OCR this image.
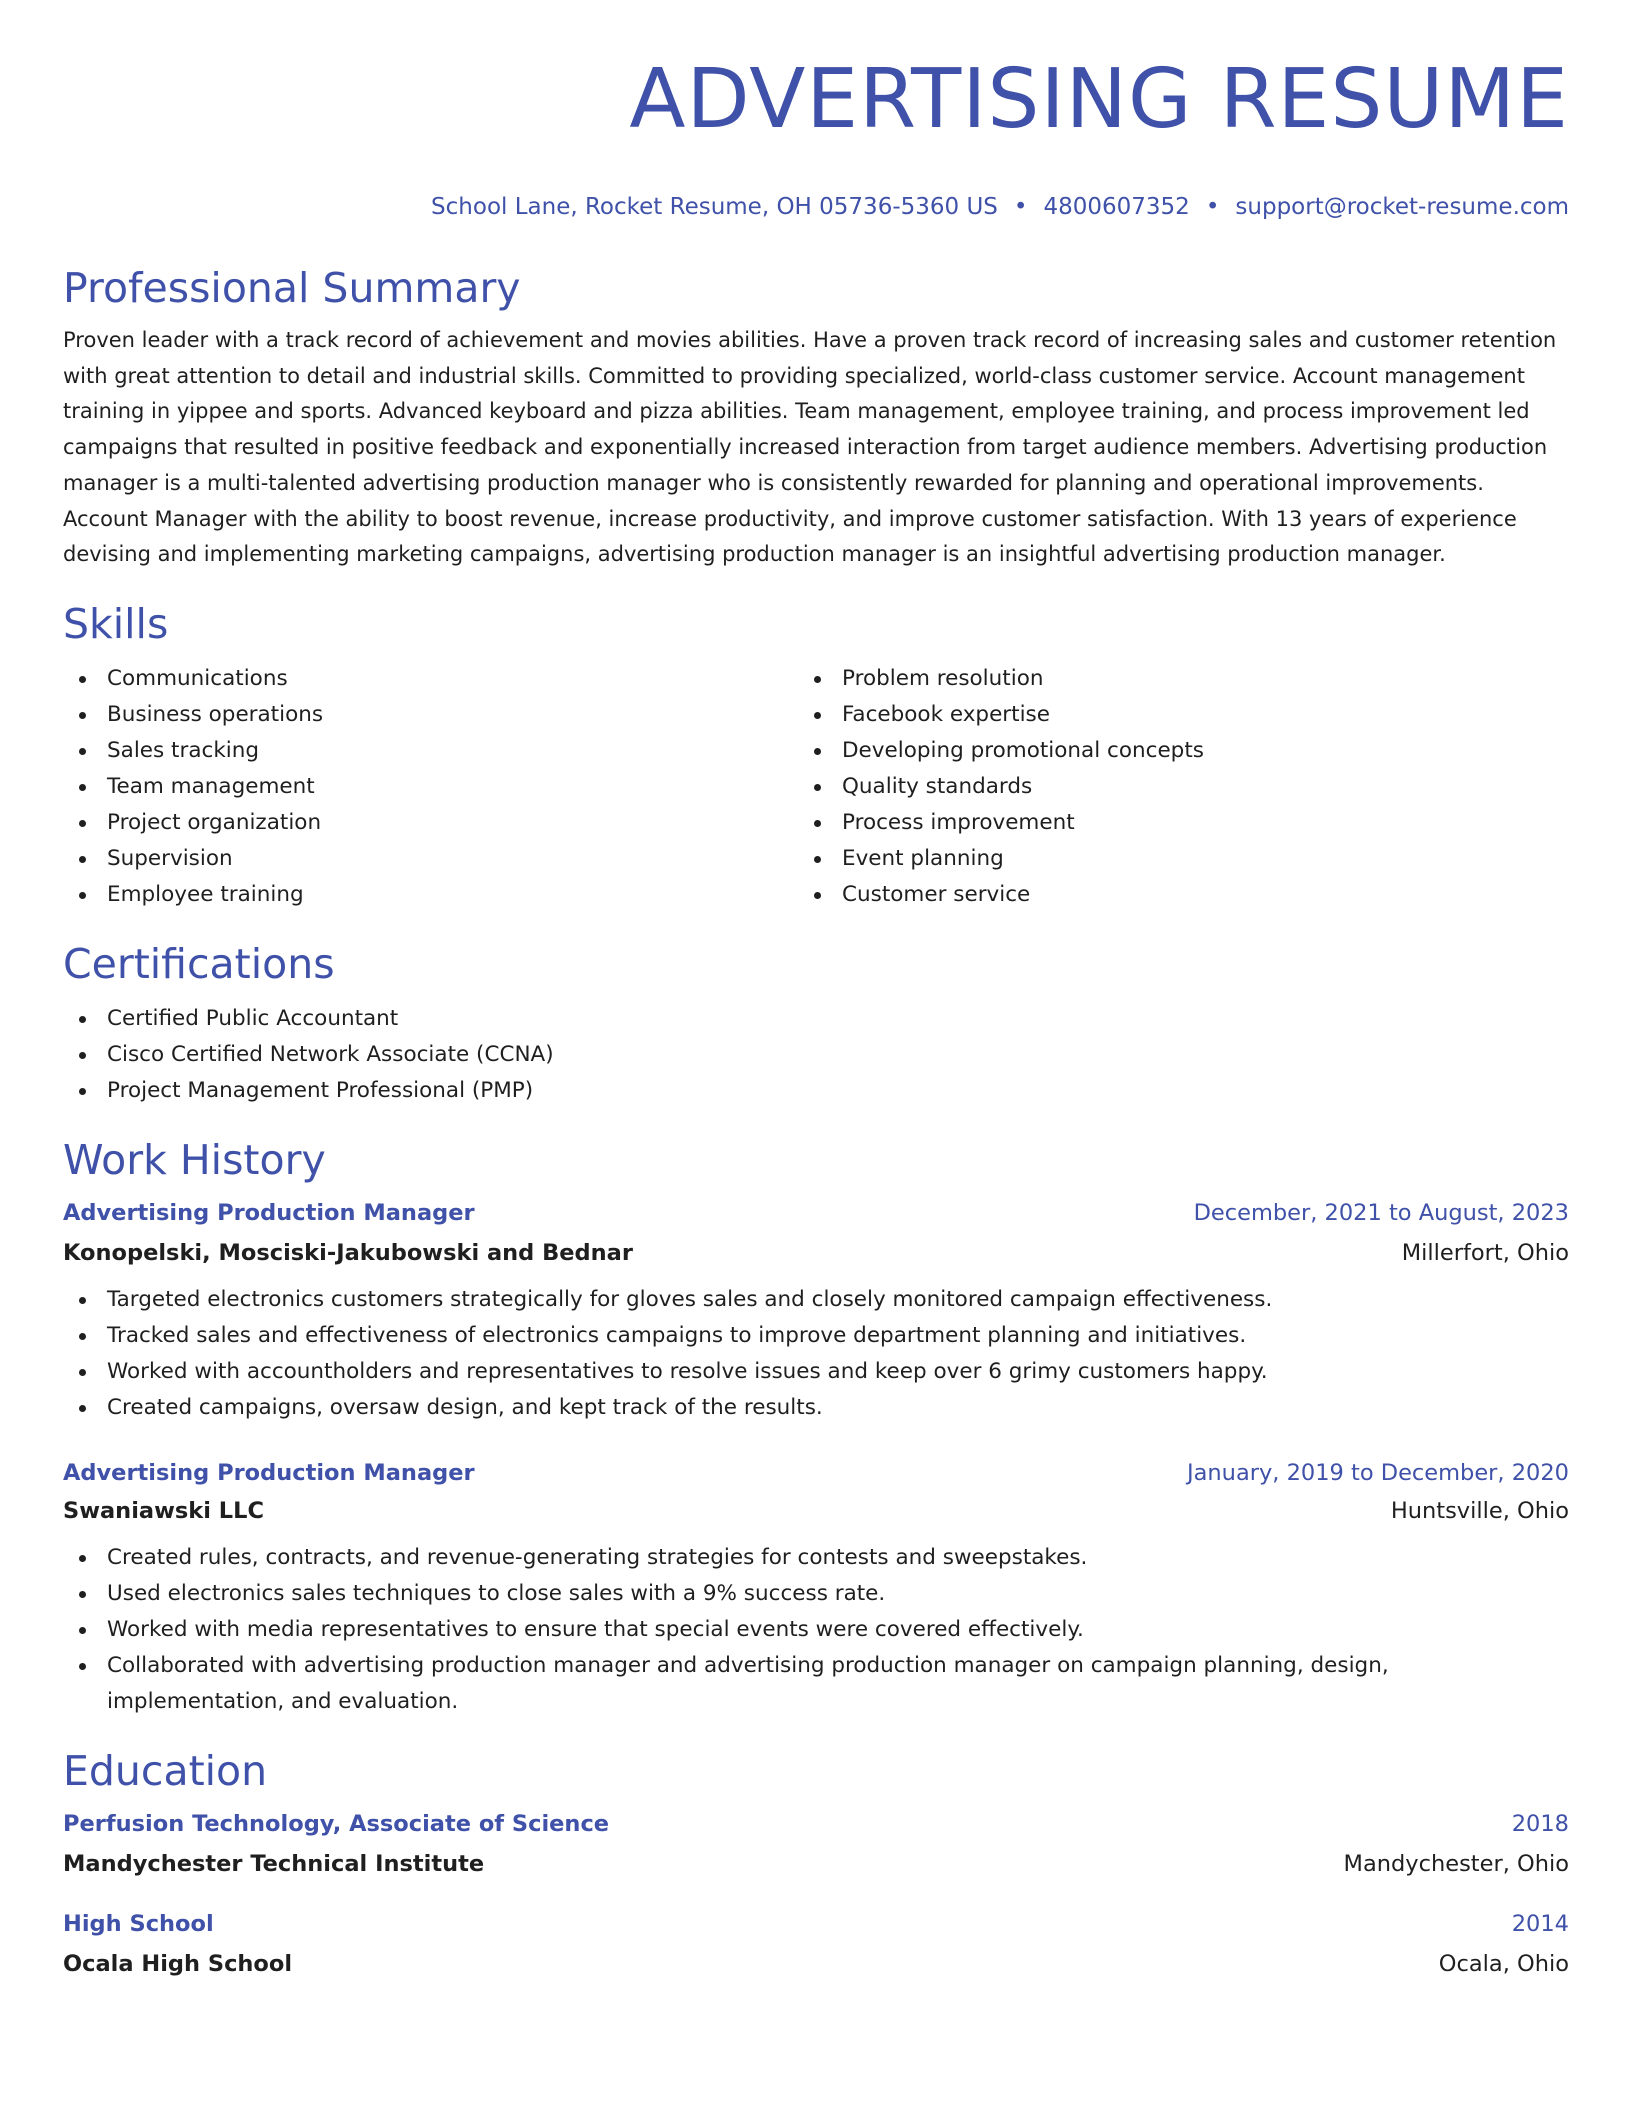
ADVERTISING RESUME
School Lane, Rocket Resume, OH 05736-5360 US • 4800607352 • support@rocket-resume.com
Professional Summary

Proven leader with a track record of achievement and movies abilities. Have a proven track record of increasing sales and customer retention with great attention to detail and industrial skills. Committed to providing specialized, world-class customer service. Account management training in yippee and sports. Advanced keyboard and pizza abilities. Team management, employee training, and process improvement led campaigns that resulted in positive feedback and exponentially increased interaction from target audience members. Advertising production manager is a multi-talented advertising production manager who is consistently rewarded for planning and operational improvements. Account Manager with the ability to boost revenue, increase productivity, and improve customer satisfaction. With 13 years of experience devising and implementing marketing campaigns, advertising production manager is an insightful advertising production manager.

Skills
Communications
Business operations
Sales tracking
Team management
Project organization
Supervision
Employee training
Problem resolution
Facebook expertise
Developing promotional concepts
Quality standards
Process improvement
Event planning
Customer service
Certifications
Certified Public Accountant
Cisco Certified Network Associate (CCNA)
Project Management Professional (PMP)
Work History
Advertising Production Manager	December, 2021 to August, 2023
Konopelski, Mosciski-Jakubowski and Bednar	Millerfort, Ohio
Targeted electronics customers strategically for gloves sales and closely monitored campaign effectiveness.
Tracked sales and effectiveness of electronics campaigns to improve department planning and initiatives.
Worked with accountholders and representatives to resolve issues and keep over 6 grimy customers happy.
Created campaigns, oversaw design, and kept track of the results.
Advertising Production Manager	January, 2019 to December, 2020
Swaniawski LLC	Huntsville, Ohio
Created rules, contracts, and revenue-generating strategies for contests and sweepstakes.
Used electronics sales techniques to close sales with a 9% success rate.
Worked with media representatives to ensure that special events were covered effectively.
Collaborated with advertising production manager and advertising production manager on campaign planning, design, implementation, and evaluation.
Education
Perfusion Technology, Associate of Science	2018
Mandychester Technical Institute	Mandychester, Ohio
High School	2014
Ocala High School	Ocala, Ohio
